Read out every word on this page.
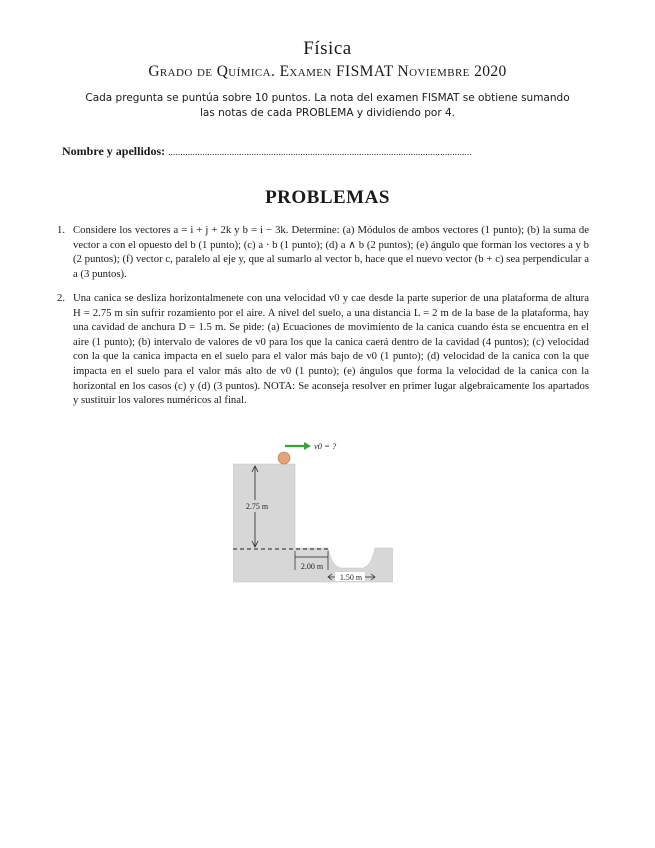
Física
Grado de Química. Examen FISMAT Noviembre 2020
Cada pregunta se puntúa sobre 10 puntos. La nota del examen FISMAT se obtiene sumando
las notas de cada PROBLEMA y dividiendo por 4.
Nombre y apellidos: ............................................................................................................................
PROBLEMAS
1. Considere los vectores a = i + j + 2k y b = i − 3k. Determine: (a) Módulos de ambos vectores (1 punto); (b) la suma de vector a con el opuesto del b (1 punto); (c) a · b (1 punto); (d) a ∧ b (2 puntos); (e) ángulo que forman los vectores a y b (2 puntos); (f) vector c, paralelo al eje y, que al sumarlo al vector b, hace que el nuevo vector (b + c) sea perpendicular a a (3 puntos).
2. Una canica se desliza horizontalmenete con una velocidad v0 y cae desde la parte superior de una plataforma de altura H = 2.75 m sin sufrir rozamiento por el aire. A nivel del suelo, a una distancia L = 2 m de la base de la plataforma, hay una cavidad de anchura D = 1.5 m. Se pide: (a) Ecuaciones de movimiento de la canica cuando ésta se encuentra en el aire (1 punto); (b) intervalo de valores de v0 para los que la canica caerá dentro de la cavidad (4 puntos); (c) velocidad con la que la canica impacta en el suelo para el valor más bajo de v0 (1 punto); (d) velocidad de la canica con la que impacta en el suelo para el valor más alto de v0 (1 punto); (e) ángulos que forma la velocidad de la canica con la horizontal en los casos (c) y (d) (3 puntos). NOTA: Se aconseja resolver en primer lugar algebraicamente los apartados y sustituir los valores numéricos al final.
2.75 m
2.00 m
1.50 m
v0 = ?
